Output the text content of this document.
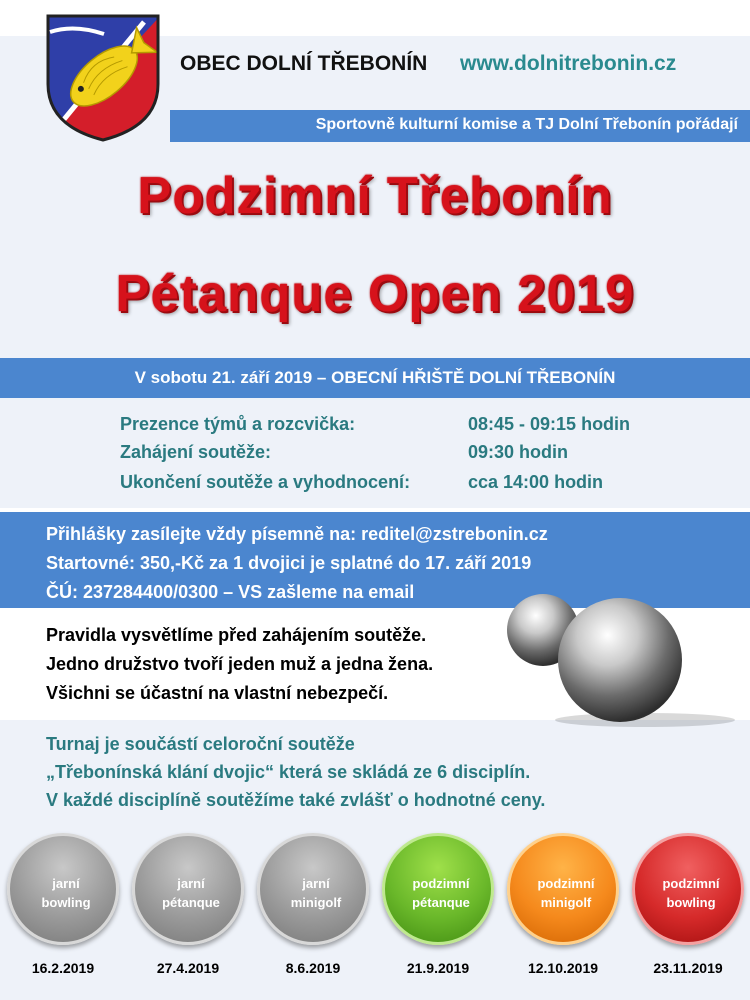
OBEC DOLNÍ TŘEBONÍN www.dolnitrebonin.cz
Sportovně kulturní komise a TJ Dolní Třebonín pořádají
Podzimní Třebonín
Pétanque Open 2019
V sobotu 21. září 2019 – OBECNÍ HŘIŠTĚ DOLNÍ TŘEBONÍN
Prezence týmů a rozcvička:	08:45 - 09:15 hodin
Zahájení soutěže:	09:30 hodin
Ukončení soutěže a vyhodnocení:	cca 14:00 hodin
Přihlášky zasílejte vždy písemně na: reditel@zstrebonin.cz
Startovné: 350,-Kč za 1 dvojici je splatné do 17. září 2019
ČÚ: 237284400/0300 – VS zašleme na email
Pravidla vysvětlíme před zahájením soutěže.
Jedno družstvo tvoří jeden muž a jedna žena.
Všichni se účastní na vlastní nebezpečí.
Turnaj je součástí celoroční soutěže
„Třebonínská klání dvojic“ která se skládá ze 6 disciplín.
V každé disciplíně soutěžíme také zvlášť o hodnotné ceny.
jarní
bowling
jarní
pétanque
jarní
minigolf
podzimní
pétanque
podzimní
minigolf
podzimní
bowling
16.2.2019	27.4.2019	8.6.2019	21.9.2019	12.10.2019	23.11.2019
